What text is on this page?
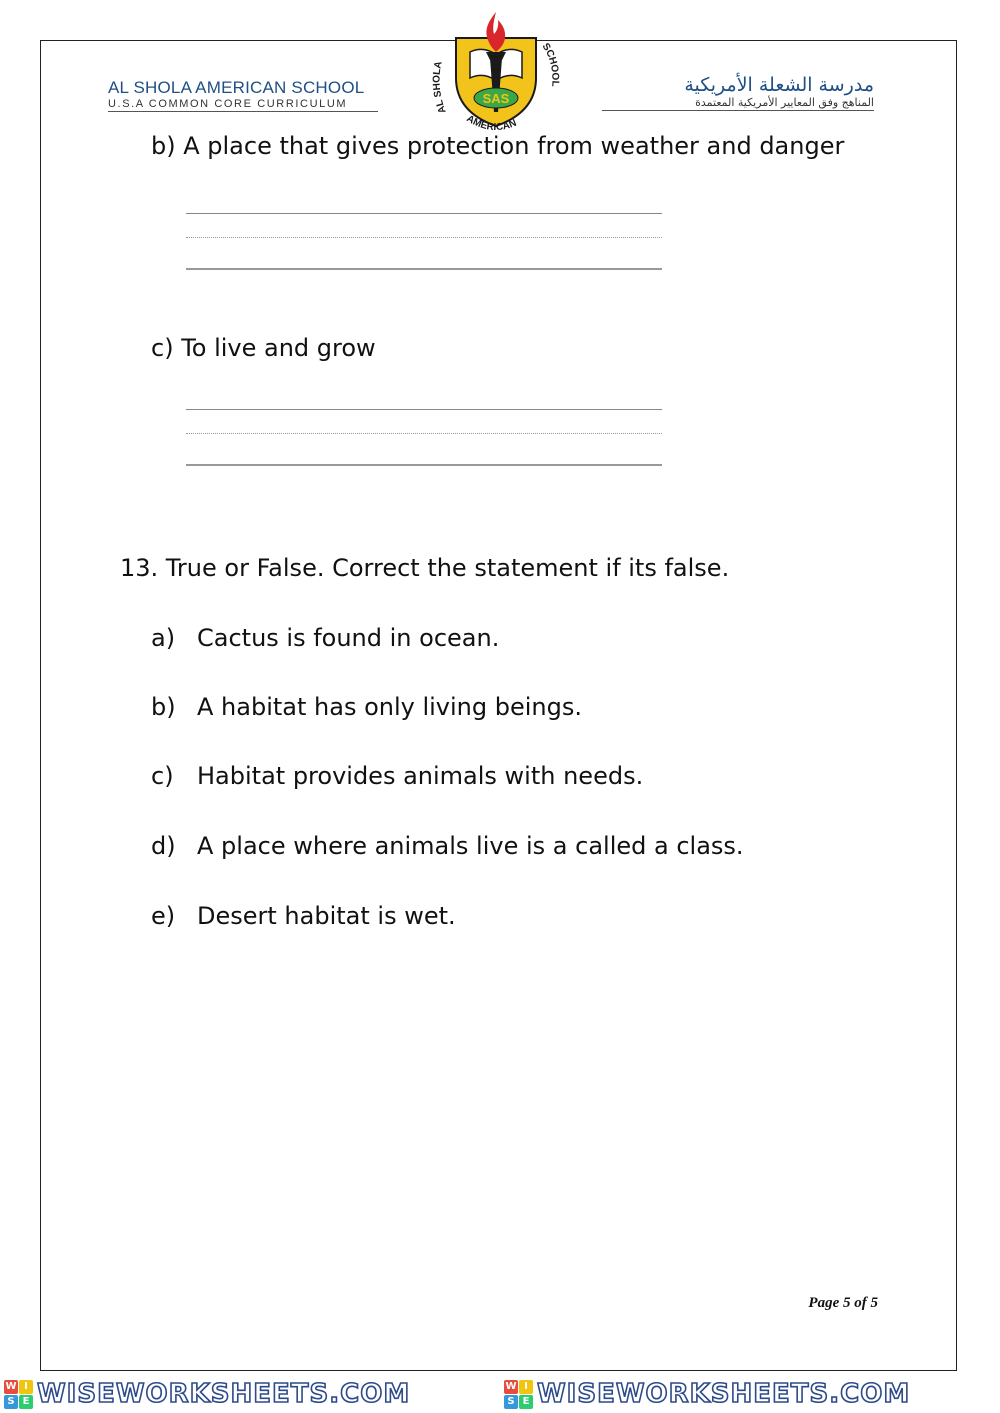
AL SHOLA AMERICAN SCHOOL
U.S.A COMMON CORE CURRICULUM	SAS
AL SHOLA
AMERICAN
SCHOOL	مدرسة الشعلة الأمريكية
المناهج وفق المعايير الأمريكية المعتمدة
b) A place that gives protection from weather and danger
c) To live and grow
13. True or False. Correct the statement if its false.
a) Cactus is found in ocean.
b) A habitat has only living beings.
c) Habitat provides animals with needs.
d) A place where animals live is a called a class.
e) Desert habitat is wet.
Page 5 of 5
W I
S E WISEWORKSHEETS.COM	W I
S E WISEWORKSHEETS.COM
